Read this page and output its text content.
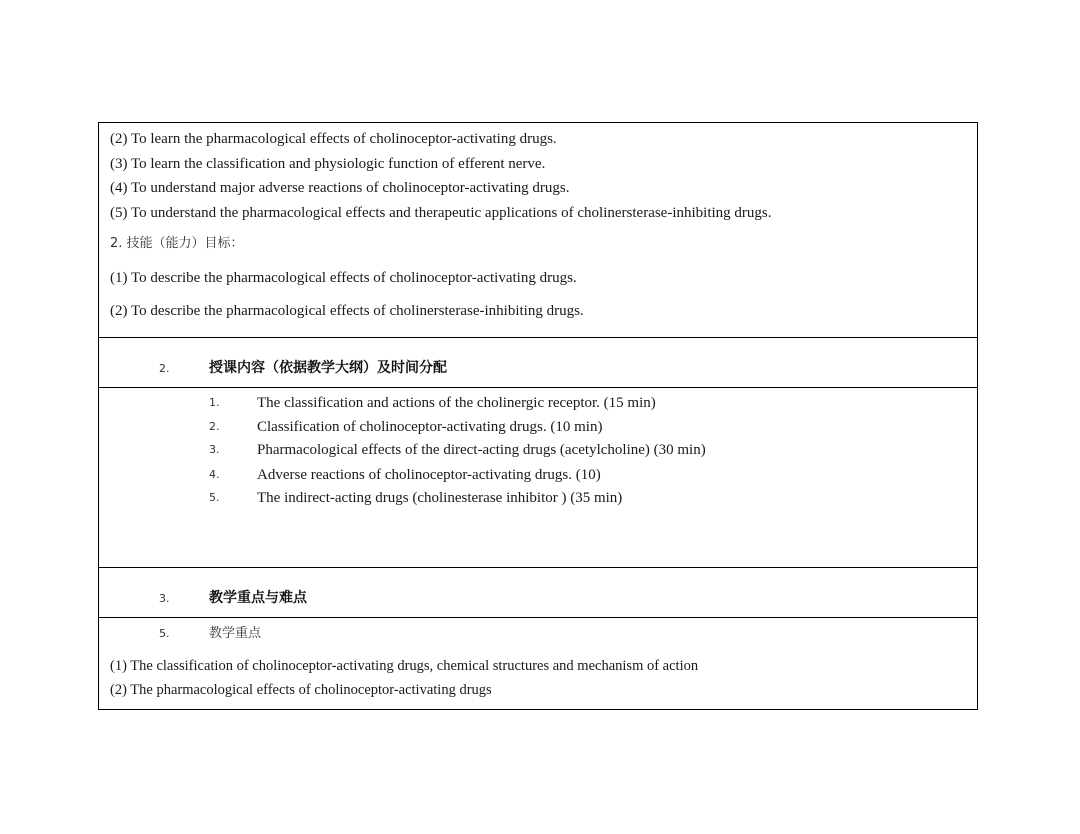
(2) To learn the pharmacological effects of cholinoceptor-activating drugs.
(3) To learn the classification and physiologic function of efferent nerve.
(4) To understand major adverse reactions of cholinoceptor-activating drugs.
(5) To understand the pharmacological effects and therapeutic applications of cholinersterase-inhibiting drugs.
2. 技能（能力）目标：
(1) To describe the pharmacological effects of cholinoceptor-activating drugs.
(2) To describe the pharmacological effects of cholinersterase-inhibiting drugs.
2.	授课内容（依据教学大纲）及时间分配
1.	The classification and actions of the cholinergic receptor. (15 min)
2.	Classification of cholinoceptor-activating drugs. (10 min)
3.	Pharmacological effects of the direct-acting drugs (acetylcholine) (30 min)
4.	Adverse reactions of cholinoceptor-activating drugs. (10)
5.	The indirect-acting drugs (cholinesterase inhibitor ) (35 min)
3.	教学重点与难点
5.	教学重点
(1) The classification of cholinoceptor-activating drugs, chemical structures and mechanism of action
(2) The pharmacological effects of cholinoceptor-activating drugs
